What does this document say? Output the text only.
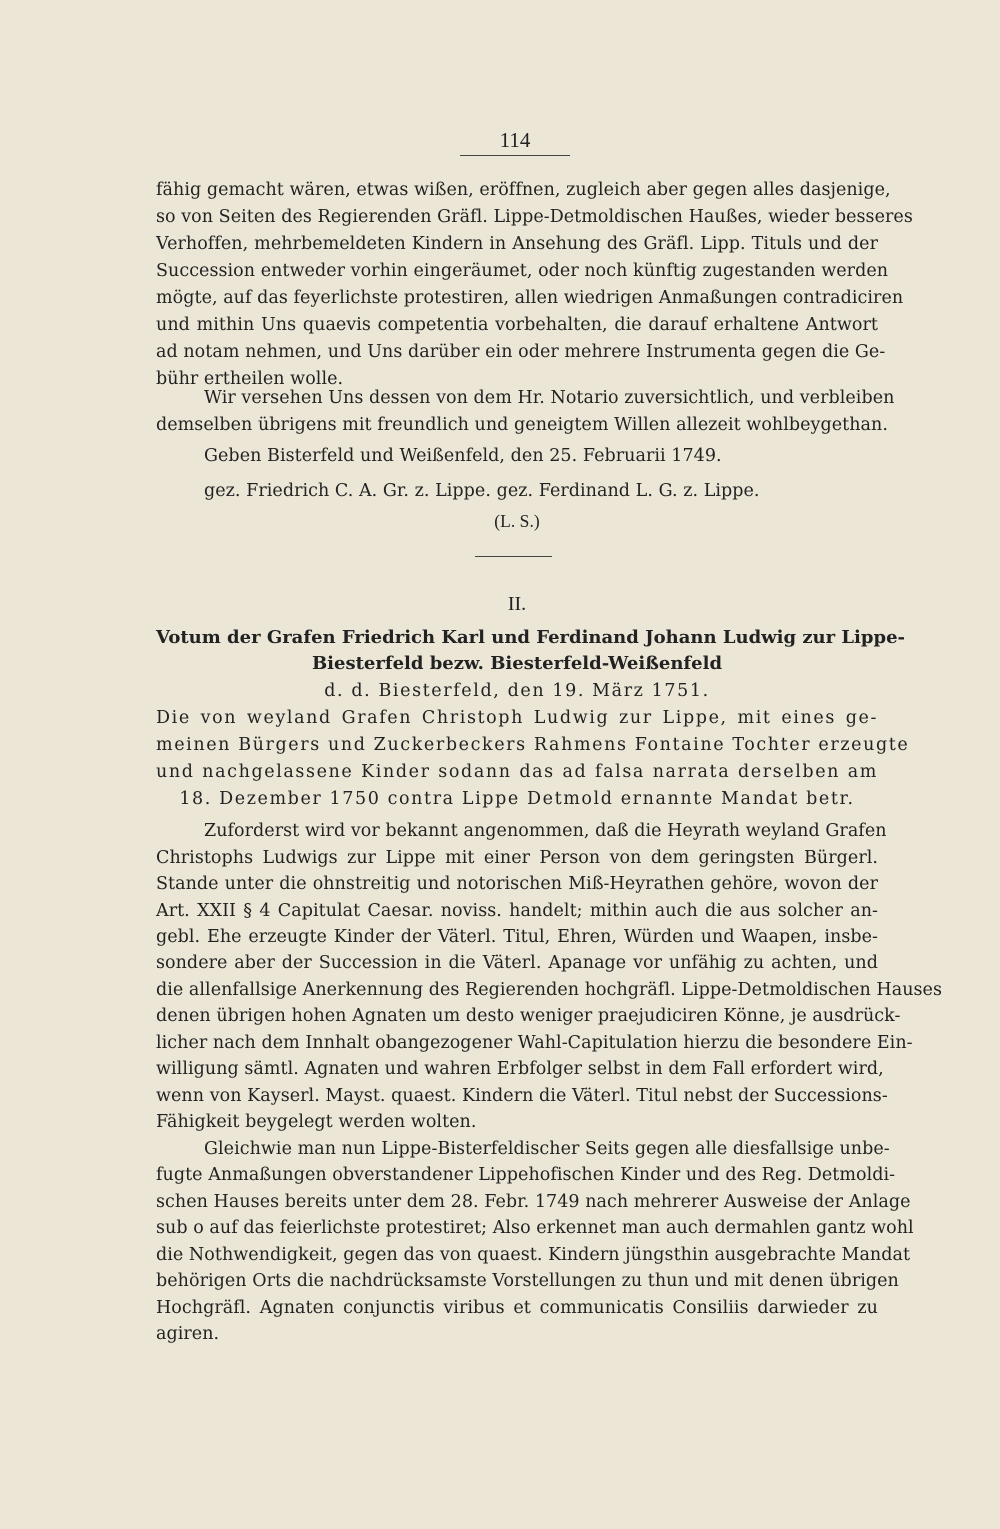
114
fähig gemacht wären, etwas wißen, eröffnen, zugleich aber gegen alles dasjenige,
so von Seiten des Regierenden Gräfl. Lippe-Detmoldischen Haußes, wieder besseres
Verhoffen, mehrbemeldeten Kindern in Ansehung des Gräfl. Lipp. Tituls und der
Succession entweder vorhin eingeräumet, oder noch künftig zugestanden werden
mögte, auf das feyerlichste protestiren, allen wiedrigen Anmaßungen contradiciren
und mithin Uns quaevis competentia vorbehalten, die darauf erhaltene Antwort
ad notam nehmen, und Uns darüber ein oder mehrere Instrumenta gegen die Ge-
bühr ertheilen wolle.
Wir versehen Uns dessen von dem Hr. Notario zuversichtlich, und verbleiben
demselben übrigens mit freundlich und geneigtem Willen allezeit wohlbeygethan.
Geben Bisterfeld und Weißenfeld, den 25. Februarii 1749.
gez. Friedrich C. A. Gr. z. Lippe. gez. Ferdinand L. G. z. Lippe.
(L. S.)
II.
Votum der Grafen Friedrich Karl und Ferdinand Johann Ludwig zur Lippe-
Biesterfeld bezw. Biesterfeld-Weißenfeld
d. d. Biesterfeld, den 19. März 1751.
Die von weyland Grafen Christoph Ludwig zur Lippe, mit eines ge-
meinen Bürgers und Zuckerbeckers Rahmens Fontaine Tochter erzeugte
und nachgelassene Kinder sodann das ad falsa narrata derselben am
18. Dezember 1750 contra Lippe Detmold ernannte Mandat betr.
Zuforderst wird vor bekannt angenommen, daß die Heyrath weyland Grafen
Christophs Ludwigs zur Lippe mit einer Person von dem geringsten Bürgerl.
Stande unter die ohnstreitig und notorischen Miß-Heyrathen gehöre, wovon der
Art. XXII § 4 Capitulat Caesar. noviss. handelt; mithin auch die aus solcher an-
gebl. Ehe erzeugte Kinder der Väterl. Titul, Ehren, Würden und Waapen, insbe-
sondere aber der Succession in die Väterl. Apanage vor unfähig zu achten, und
die allenfallsige Anerkennung des Regierenden hochgräfl. Lippe-Detmoldischen Hauses
denen übrigen hohen Agnaten um desto weniger praejudiciren Könne, je ausdrück-
licher nach dem Innhalt obangezogener Wahl-Capitulation hierzu die besondere Ein-
willigung sämtl. Agnaten und wahren Erbfolger selbst in dem Fall erfordert wird,
wenn von Kayserl. Mayst. quaest. Kindern die Väterl. Titul nebst der Successions-
Fähigkeit beygelegt werden wolten.
Gleichwie man nun Lippe-Bisterfeldischer Seits gegen alle diesfallsige unbe-
fugte Anmaßungen obverstandener Lippehofischen Kinder und des Reg. Detmoldi-
schen Hauses bereits unter dem 28. Febr. 1749 nach mehrerer Ausweise der Anlage
sub o auf das feierlichste protestiret; Also erkennet man auch dermahlen gantz wohl
die Nothwendigkeit, gegen das von quaest. Kindern jüngsthin ausgebrachte Mandat
behörigen Orts die nachdrücksamste Vorstellungen zu thun und mit denen übrigen
Hochgräfl. Agnaten conjunctis viribus et communicatis Consiliis darwieder zu
agiren.
